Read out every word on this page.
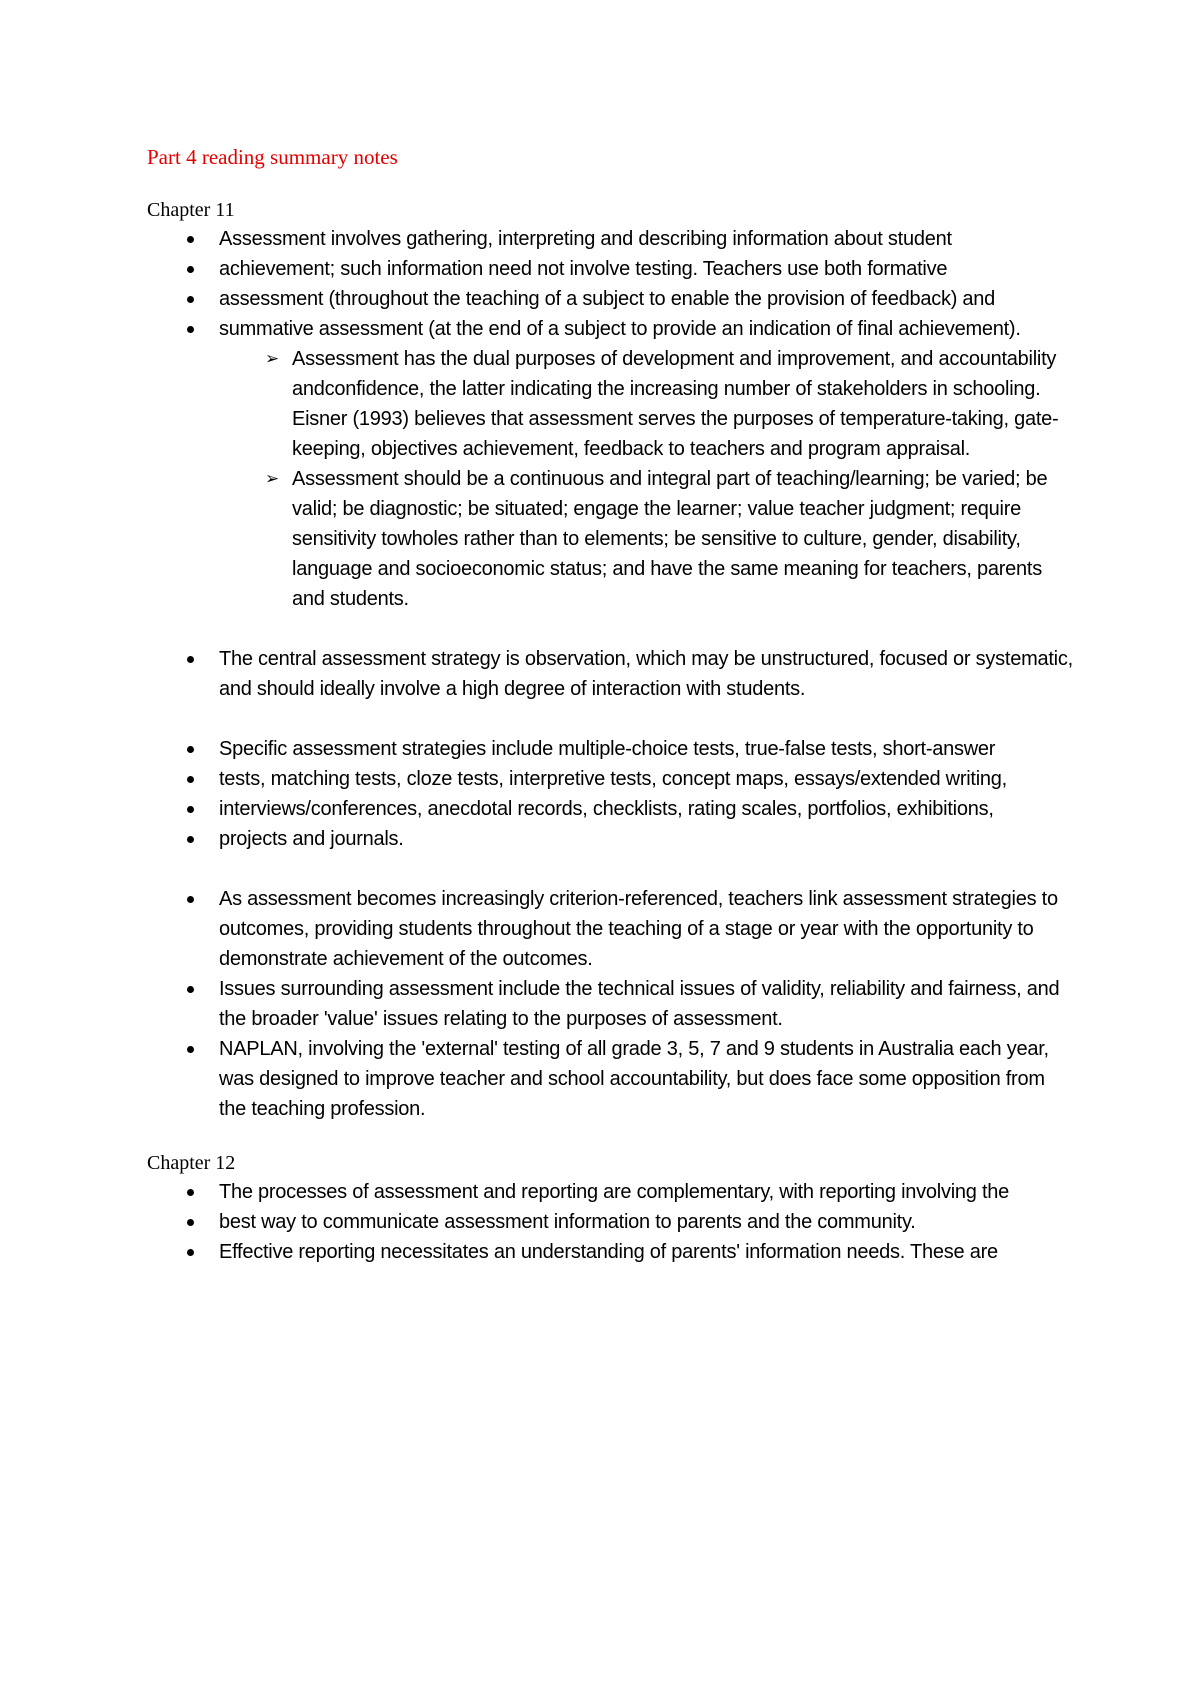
Part 4 reading summary notes
Chapter 11
Assessment involves gathering, interpreting and describing information about student
achievement; such information need not involve testing. Teachers use both formative
assessment (throughout the teaching of a subject to enable the provision of feedback) and
summative assessment (at the end of a subject to provide an indication of final achievement).
➢ Assessment has the dual purposes of development and improvement, and accountability andconfidence, the latter indicating the increasing number of stakeholders in schooling. Eisner (1993) believes that assessment serves the purposes of temperature-taking, gate-keeping, objectives achievement, feedback to teachers and program appraisal.
➢ Assessment should be a continuous and integral part of teaching/learning; be varied; be valid; be diagnostic; be situated; engage the learner; value teacher judgment; require sensitivity towholes rather than to elements; be sensitive to culture, gender, disability, language and socioeconomic status; and have the same meaning for teachers, parents and students.
The central assessment strategy is observation, which may be unstructured, focused or systematic, and should ideally involve a high degree of interaction with students.
Specific assessment strategies include multiple-choice tests, true-false tests, short-answer
tests, matching tests, cloze tests, interpretive tests, concept maps, essays/extended writing,
interviews/conferences, anecdotal records, checklists, rating scales, portfolios, exhibitions,
projects and journals.
As assessment becomes increasingly criterion-referenced, teachers link assessment strategies to outcomes, providing students throughout the teaching of a stage or year with the opportunity to demonstrate achievement of the outcomes.
Issues surrounding assessment include the technical issues of validity, reliability and fairness, and the broader 'value' issues relating to the purposes of assessment.
NAPLAN, involving the 'external' testing of all grade 3, 5, 7 and 9 students in Australia each year, was designed to improve teacher and school accountability, but does face some opposition from the teaching profession.
Chapter 12
The processes of assessment and reporting are complementary, with reporting involving the
best way to communicate assessment information to parents and the community.
Effective reporting necessitates an understanding of parents' information needs. These are
